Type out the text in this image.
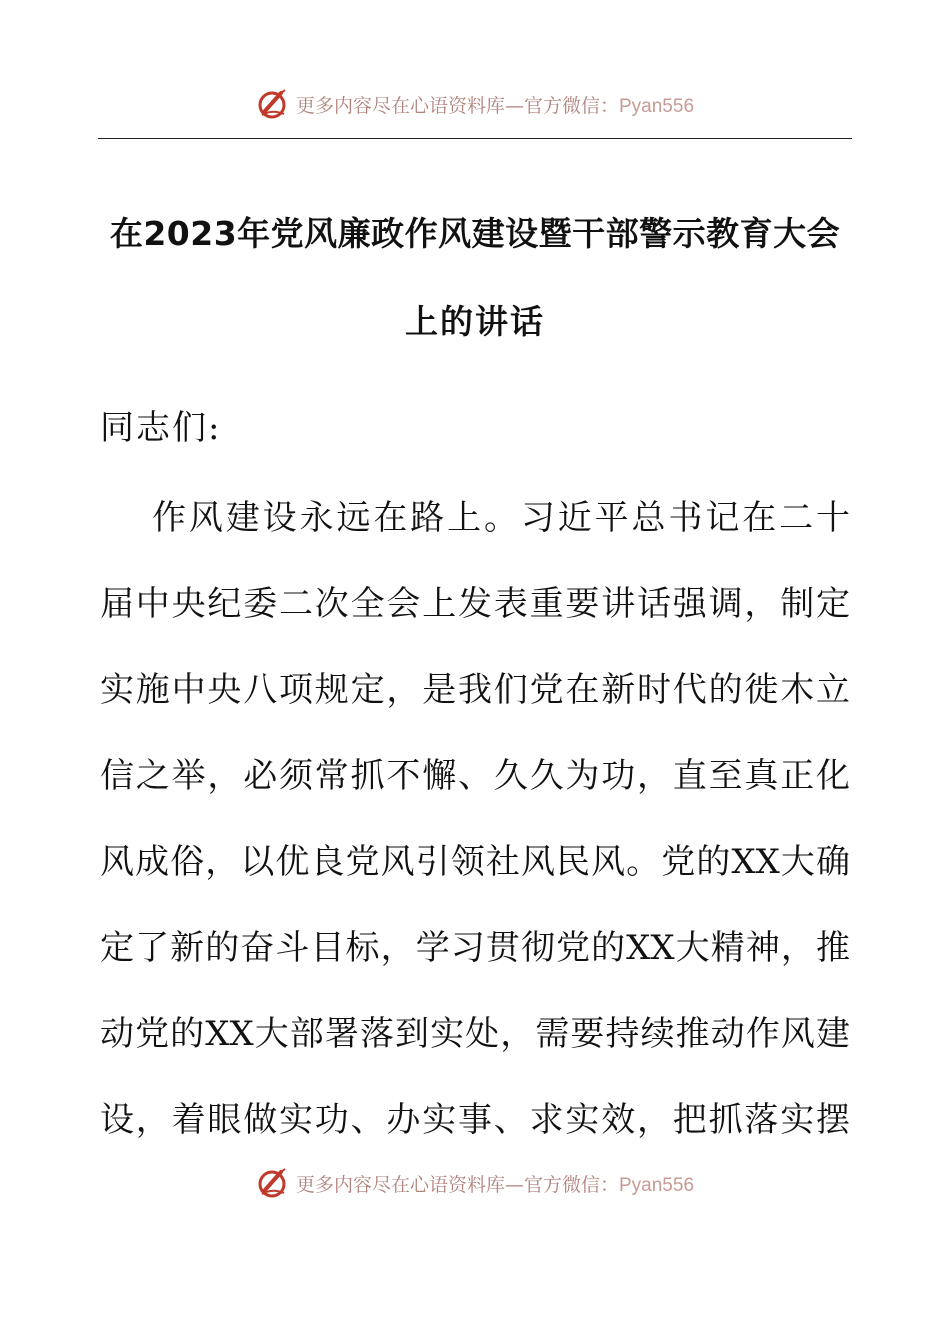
更多内容尽在心语资料库—官方微信：Pyan556
在2023年党风廉政作风建设暨干部警示教育大会
上的讲话
同志们:
作风建设永远在路上。习近平总书记在二十
届中央纪委二次全会上发表重要讲话强调，制定
实施中央八项规定，是我们党在新时代的徙木立
信之举，必须常抓不懈、久久为功，直至真正化
风成俗，以优良党风引领社风民风。党的XX大确
定了新的奋斗目标，学习贯彻党的XX大精神，推
动党的XX大部署落到实处，需要持续推动作风建
设，着眼做实功、办实事、求实效，把抓落实摆
更多内容尽在心语资料库—官方微信：Pyan556
